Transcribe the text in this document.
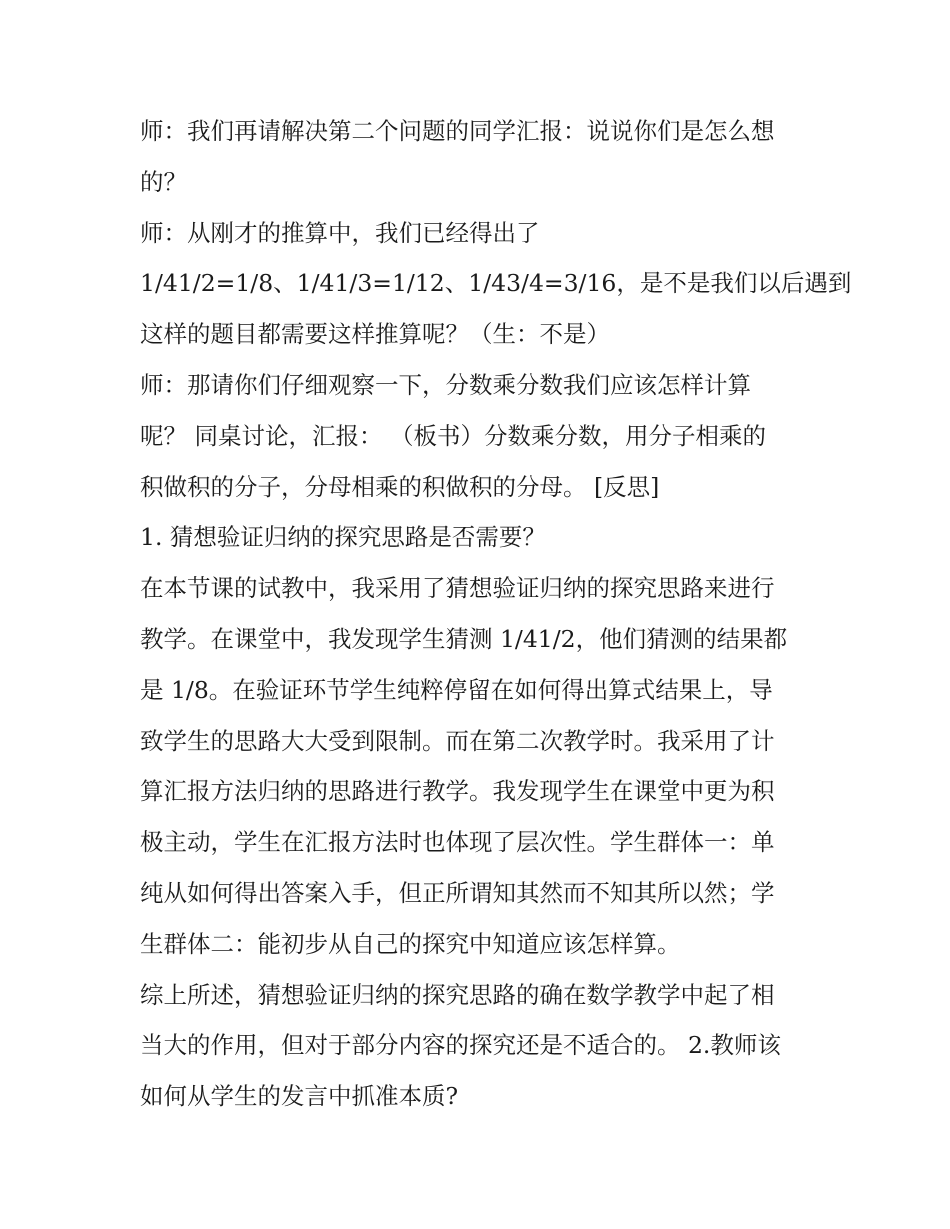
师：我们再请解决第二个问题的同学汇报：说说你们是怎么想
的？
师：从刚才的推算中，我们已经得出了
1/41/2=1/8、1/41/3=1/12、1/43/4=3/16，是不是我们以后遇到
这样的题目都需要这样推算呢？（生：不是）
师：那请你们仔细观察一下，分数乘分数我们应该怎样计算
呢？ 同桌讨论，汇报： （板书）分数乘分数，用分子相乘的
积做积的分子，分母相乘的积做积的分母。 [反思]
1. 猜想验证归纳的探究思路是否需要？
在本节课的试教中，我采用了猜想验证归纳的探究思路来进行
教学。在课堂中，我发现学生猜测 1/41/2，他们猜测的结果都
是 1/8。在验证环节学生纯粹停留在如何得出算式结果上，导
致学生的思路大大受到限制。而在第二次教学时。我采用了计
算汇报方法归纳的思路进行教学。我发现学生在课堂中更为积
极主动，学生在汇报方法时也体现了层次性。学生群体一：单
纯从如何得出答案入手，但正所谓知其然而不知其所以然；学
生群体二：能初步从自己的探究中知道应该怎样算。
综上所述，猜想验证归纳的探究思路的确在数学教学中起了相
当大的作用，但对于部分内容的探究还是不适合的。 2.教师该
如何从学生的发言中抓准本质?
